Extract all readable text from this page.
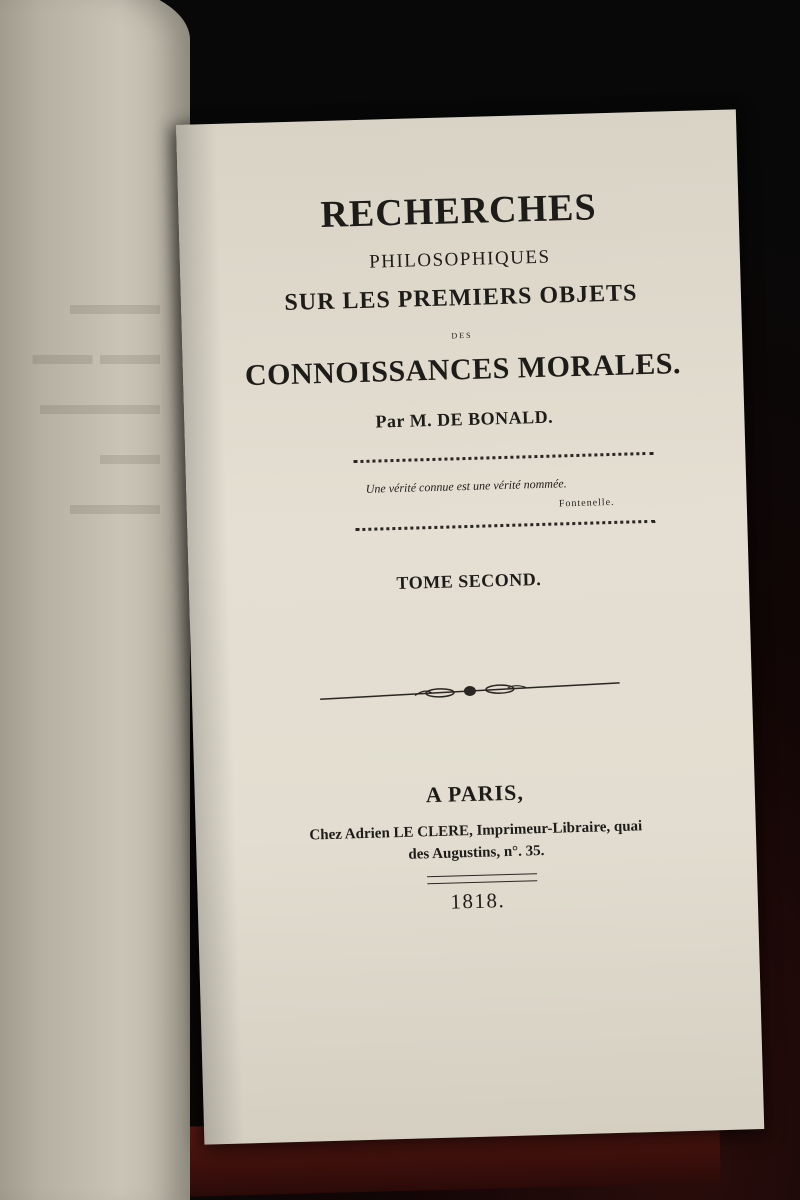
▬▬▬
▬▬ ▬▬
▬▬▬▬
▬▬
▬▬▬
RECHERCHES
PHILOSOPHIQUES
SUR LES PREMIERS OBJETS
DES
CONNOISSANCES MORALES.
Par M. DE BONALD.
Une vérité connue est une vérité nommée.
Fontenelle.
TOME SECOND.
A PARIS,
Chez Adrien LE CLERE, Imprimeur-Libraire, quai
des Augustins, n°. 35.
1818.
